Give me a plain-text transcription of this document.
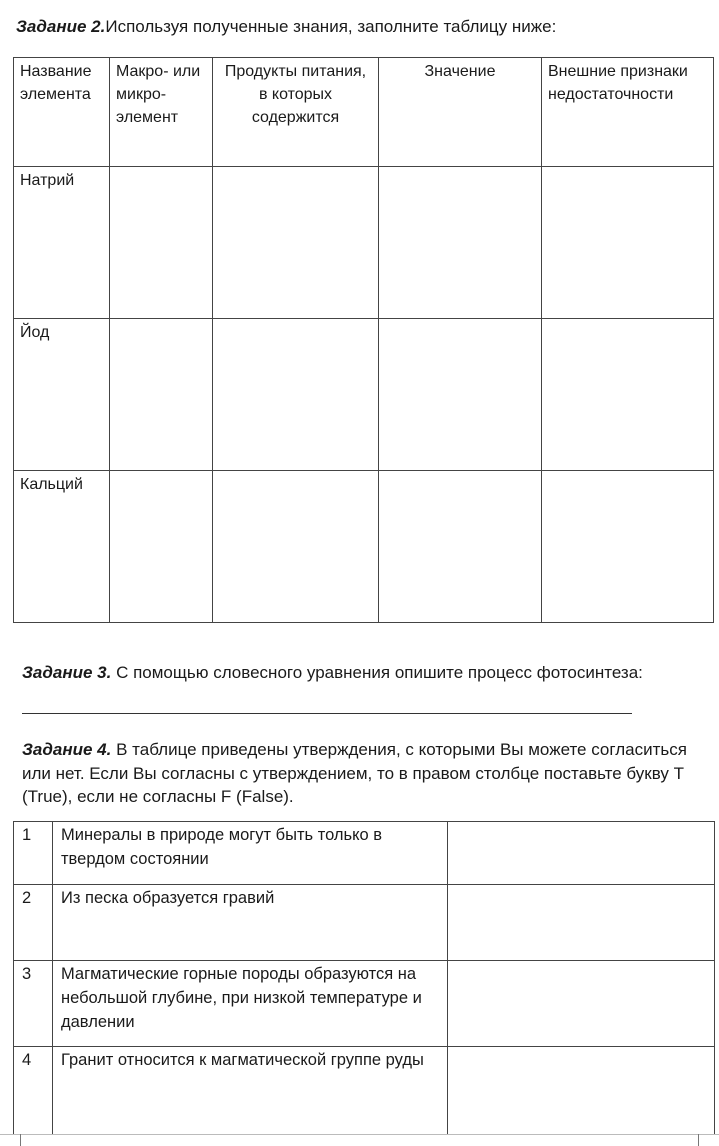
Задание 2.Используя полученные знания, заполните таблицу ниже:
Название элемента	Макро- или микро- элемент	Продукты питания, в которых содержится	Значение	Внешние признаки недостаточности
Натрий				
Йод				
Кальций				
Задание 3. С помощью словесного уравнения опишите процесс фотосинтеза:
Задание 4. В таблице приведены утверждения, с которыми Вы можете согласиться или нет. Если Вы согласны с утверждением, то в правом столбце поставьте букву T (True), если не согласны F (False).
1	Минералы в природе могут быть только в твердом состоянии	
2	Из песка образуется гравий	
3	Магматические горные породы образуются на небольшой глубине, при низкой температуре и давлении	
4	Гранит относится к магматической группе руды	
